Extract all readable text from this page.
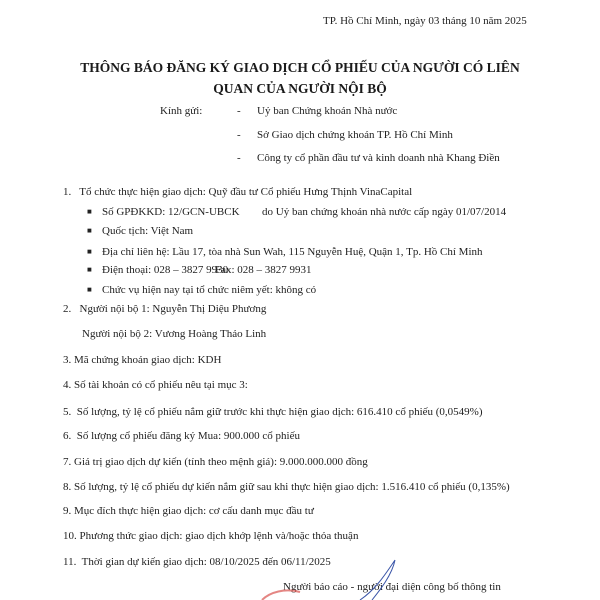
TP. Hồ Chí Minh, ngày 03 tháng 10 năm 2025
THÔNG BÁO ĐĂNG KÝ GIAO DỊCH CỔ PHIẾU CỦA NGƯỜI CÓ LIÊN
QUAN CỦA NGƯỜI NỘI BỘ
Kính gửi:	- Uỷ ban Chứng khoán Nhà nước
- Sở Giao dịch chứng khoán TP. Hồ Chí Minh
- Công ty cổ phần đầu tư và kinh doanh nhà Khang Điền
1.   Tổ chức thực hiện giao dịch: Quỹ đầu tư Cổ phiếu Hưng Thịnh VinaCapital
■ Số GPĐKKD: 12/GCN-UBCK do Uỷ ban chứng khoán nhà nước cấp ngày 01/07/2014
■ Quốc tịch: Việt Nam
■ Địa chỉ liên hệ: Lầu 17, tòa nhà Sun Wah, 115 Nguyễn Huệ, Quận 1, Tp. Hồ Chí Minh
■ Điện thoại: 028 – 3827 9930
Fax: 028 – 3827 9931
■ Chức vụ hiện nay tại tổ chức niêm yết: không có
2.   Người nội bộ 1: Nguyễn Thị Diệu Phương
Người nội bộ 2: Vương Hoàng Thảo Linh
3. Mã chứng khoán giao dịch: KDH
4. Số tài khoản có cổ phiếu nêu tại mục 3:
5.  Số lượng, tỷ lệ cổ phiếu nắm giữ trước khi thực hiện giao dịch: 616.410 cổ phiếu (0,0549%)
6.  Số lượng cổ phiếu đăng ký Mua: 900.000 cổ phiếu
7. Giá trị giao dịch dự kiến (tính theo mệnh giá): 9.000.000.000 đồng
8. Số lượng, tỷ lệ cổ phiếu dự kiến nắm giữ sau khi thực hiện giao dịch: 1.516.410 cổ phiếu (0,135%)
9. Mục đích thực hiện giao dịch: cơ cấu danh mục đầu tư
10. Phương thức giao dịch: giao dịch khớp lệnh và/hoặc thỏa thuận
11.  Thời gian dự kiến giao dịch: 08/10/2025 đến 06/11/2025
Người báo cáo - người đại diện công bố thông tin
